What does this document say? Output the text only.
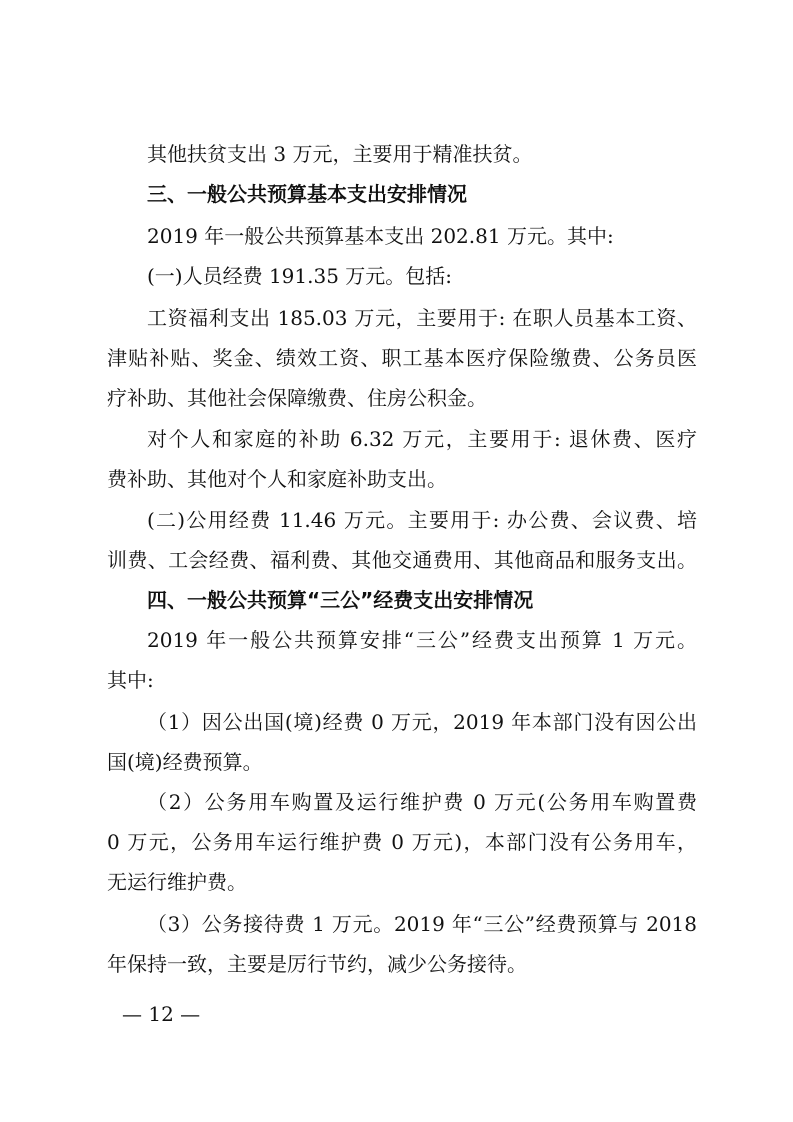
其他扶贫支出 3 万元，主要用于精准扶贫。
三、一般公共预算基本支出安排情况
2019 年一般公共预算基本支出 202.81 万元。其中:
(一)人员经费 191.35 万元。包括:
工资福利支出 185.03 万元，主要用于: 在职人员基本工资、
津贴补贴、奖金、绩效工资、职工基本医疗保险缴费、公务员医
疗补助、其他社会保障缴费、住房公积金。
对个人和家庭的补助 6.32 万元，主要用于: 退休费、医疗
费补助、其他对个人和家庭补助支出。
(二)公用经费 11.46 万元。主要用于: 办公费、会议费、培
训费、工会经费、福利费、其他交通费用、其他商品和服务支出。
四、一般公共预算“三公”经费支出安排情况
2019 年一般公共预算安排“三公”经费支出预算 1 万元。
其中:
（1）因公出国(境)经费 0 万元，2019 年本部门没有因公出
国(境)经费预算。
（2）公务用车购置及运行维护费 0 万元(公务用车购置费
0 万元，公务用车运行维护费 0 万元)，本部门没有公务用车，
无运行维护费。
（3）公务接待费 1 万元。2019 年“三公”经费预算与 2018
年保持一致，主要是厉行节约，减少公务接待。
— 12 —
